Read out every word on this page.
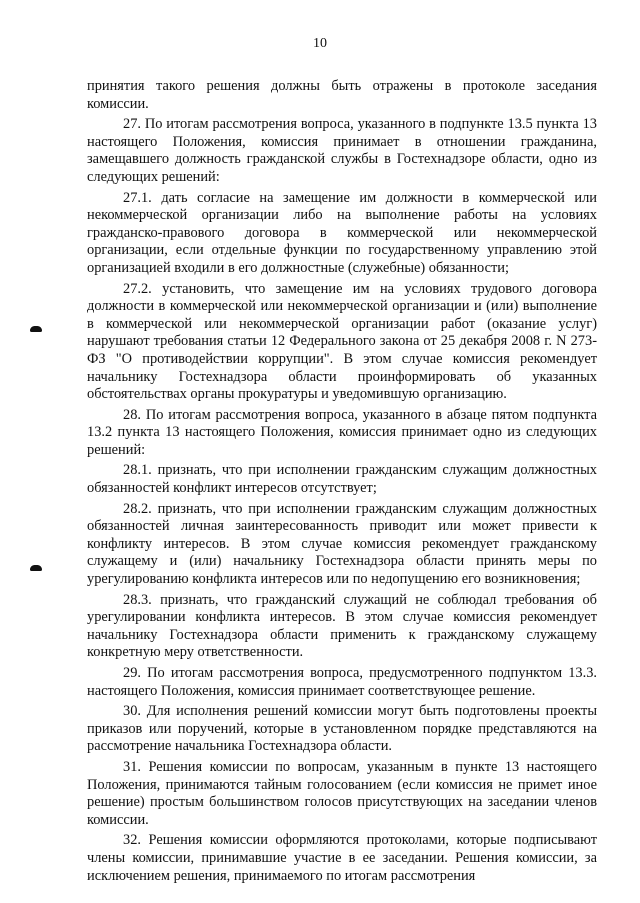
10

принятия такого решения должны быть отражены в протоколе заседания комиссии.

27. По итогам рассмотрения вопроса, указанного в подпункте 13.5 пункта 13 настоящего Положения, комиссия принимает в отношении гражданина, замещавшего должность гражданской службы в Гостехнадзоре области, одно из следующих решений:

27.1. дать согласие на замещение им должности в коммерческой или некоммерческой организации либо на выполнение работы на условиях гражданско-правового договора в коммерческой или некоммерческой организации, если отдельные функции по государственному управлению этой организацией входили в его должностные (служебные) обязанности;

27.2. установить, что замещение им на условиях трудового договора должности в коммерческой или некоммерческой организации и (или) выполнение в коммерческой или некоммерческой организации работ (оказание услуг) нарушают требования статьи 12 Федерального закона от 25 декабря 2008 г. N 273-ФЗ "О противодействии коррупции". В этом случае комиссия рекомендует начальнику Гостехнадзора области проинформировать об указанных обстоятельствах органы прокуратуры и уведомившую организацию.

28. По итогам рассмотрения вопроса, указанного в абзаце пятом подпункта 13.2 пункта 13 настоящего Положения, комиссия принимает одно из следующих решений:

28.1. признать, что при исполнении гражданским служащим должностных обязанностей конфликт интересов отсутствует;

28.2. признать, что при исполнении гражданским служащим должностных обязанностей личная заинтересованность приводит или может привести к конфликту интересов. В этом случае комиссия рекомендует гражданскому служащему и (или) начальнику Гостехнадзора области принять меры по урегулированию конфликта интересов или по недопущению его возникновения;

28.3. признать, что гражданский служащий не соблюдал требования об урегулировании конфликта интересов. В этом случае комиссия рекомендует начальнику Гостехнадзора области применить к гражданскому служащему конкретную меру ответственности.

29. По итогам рассмотрения вопроса, предусмотренного подпунктом 13.3. настоящего Положения, комиссия принимает соответствующее решение.

30. Для исполнения решений комиссии могут быть подготовлены проекты приказов или поручений, которые в установленном порядке представляются на рассмотрение начальника Гостехнадзора области.

31. Решения комиссии по вопросам, указанным в пункте 13 настоящего Положения, принимаются тайным голосованием (если комиссия не примет иное решение) простым большинством голосов присутствующих на заседании членов комиссии.

32. Решения комиссии оформляются протоколами, которые подписывают члены комиссии, принимавшие участие в ее заседании. Решения комиссии, за исключением решения, принимаемого по итогам рассмотрения
